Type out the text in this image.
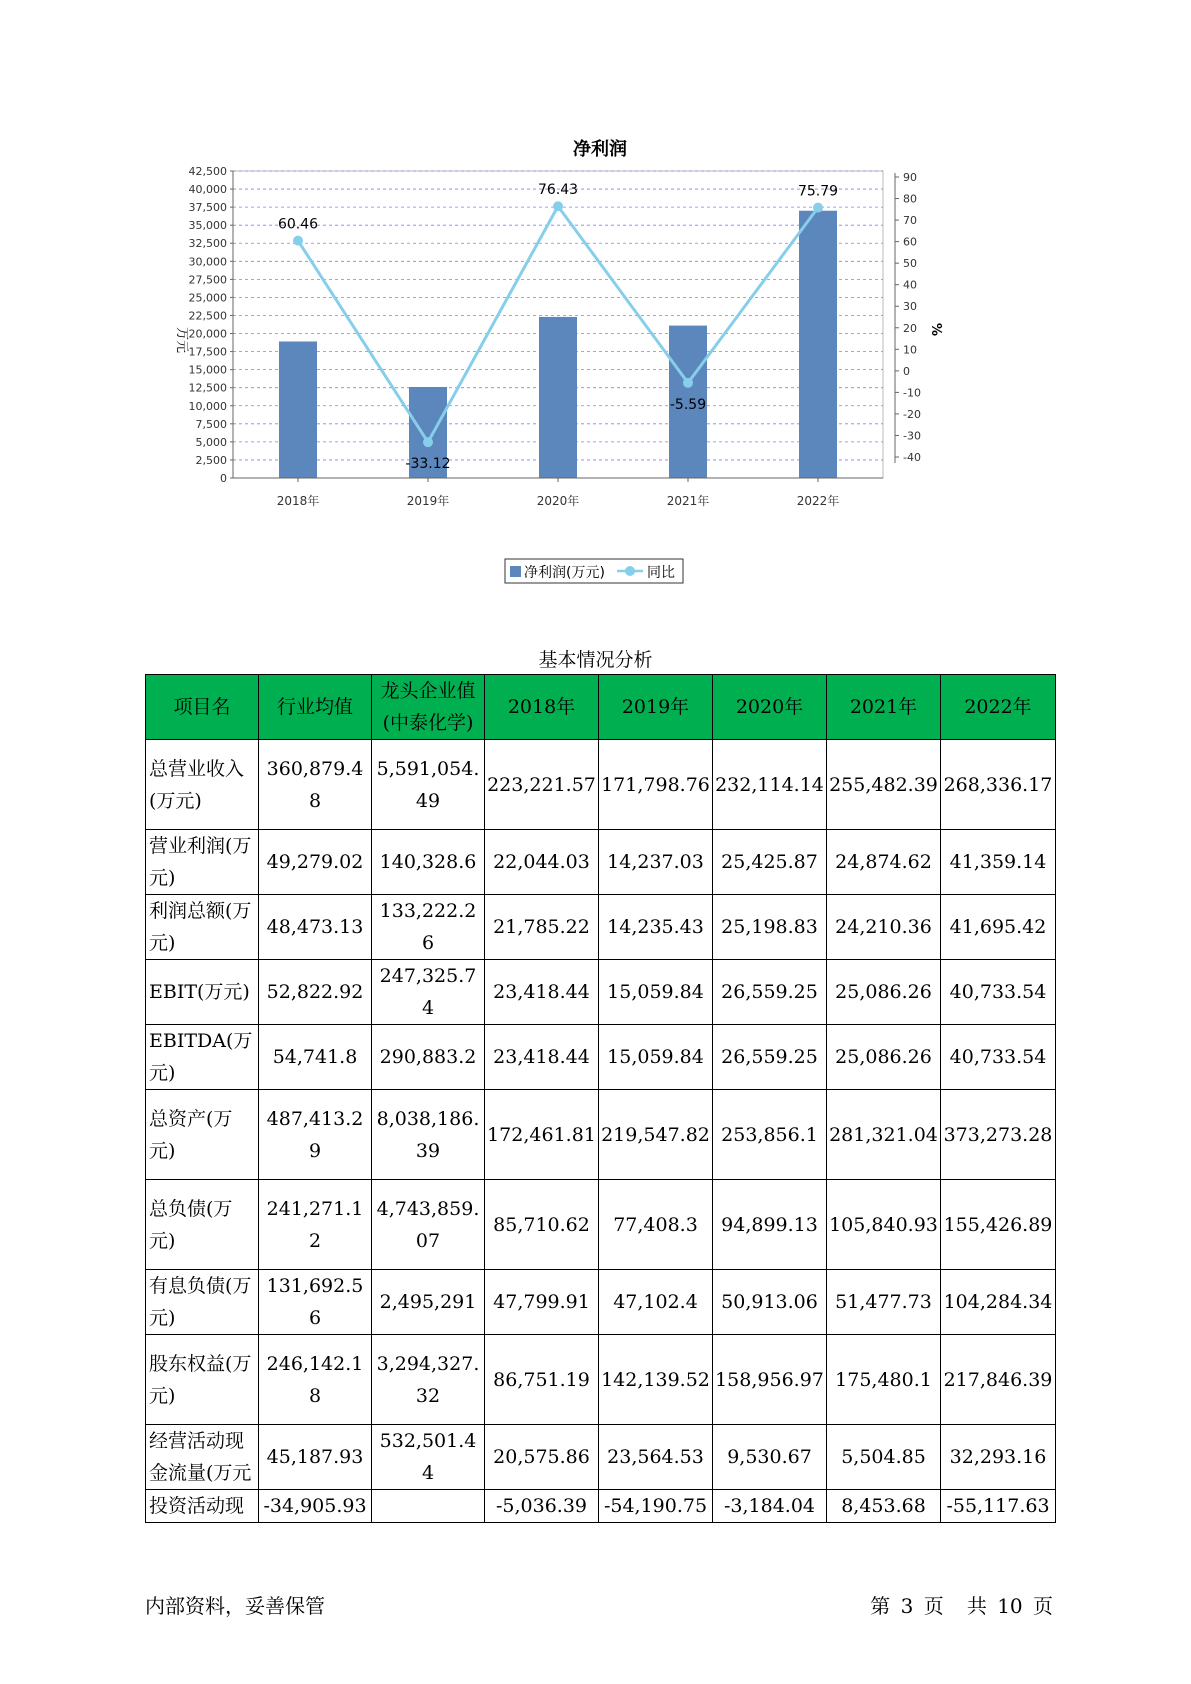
净利润
60.46
-33.12
76.43
-5.59
75.79
0
2,500
5,000
7,500
10,000
12,500
15,000
17,500
20,000
22,500
25,000
27,500
30,000
32,500
35,000
37,500
40,000
42,500
-40
-30
-20
-10
0
10
20
30
40
50
60
70
80
90
2018年	2019年	2020年	2021年	2022年
万元	%
净利润(万元)	同比
基本情况分析
项目名	行业均值	龙头企业值(中泰化学)	2018年	2019年	2020年	2021年	2022年
总营业收入(万元)	360,879.48	5,591,054.49	223,221.57	171,798.76	232,114.14	255,482.39	268,336.17
营业利润(万元)	49,279.02	140,328.6	22,044.03	14,237.03	25,425.87	24,874.62	41,359.14
利润总额(万元)	48,473.13	133,222.26	21,785.22	14,235.43	25,198.83	24,210.36	41,695.42
EBIT(万元)	52,822.92	247,325.74	23,418.44	15,059.84	26,559.25	25,086.26	40,733.54
EBITDA(万元)	54,741.8	290,883.2	23,418.44	15,059.84	26,559.25	25,086.26	40,733.54
总资产(万元)	487,413.29	8,038,186.39	172,461.81	219,547.82	253,856.1	281,321.04	373,273.28
总负债(万元)	241,271.12	4,743,859.07	85,710.62	77,408.3	94,899.13	105,840.93	155,426.89
有息负债(万元)	131,692.56	2,495,291	47,799.91	47,102.4	50,913.06	51,477.73	104,284.34
股东权益(万元)	246,142.18	3,294,327.32	86,751.19	142,139.52	158,956.97	175,480.1	217,846.39
经营活动现金流量(万元	45,187.93	532,501.44	20,575.86	23,564.53	9,530.67	5,504.85	32,293.16
投资活动现	-34,905.93		-5,036.39	-54,190.75	-3,184.04	8,453.68	-55,117.63
内部资料，妥善保管	第 3 页 共 10 页
